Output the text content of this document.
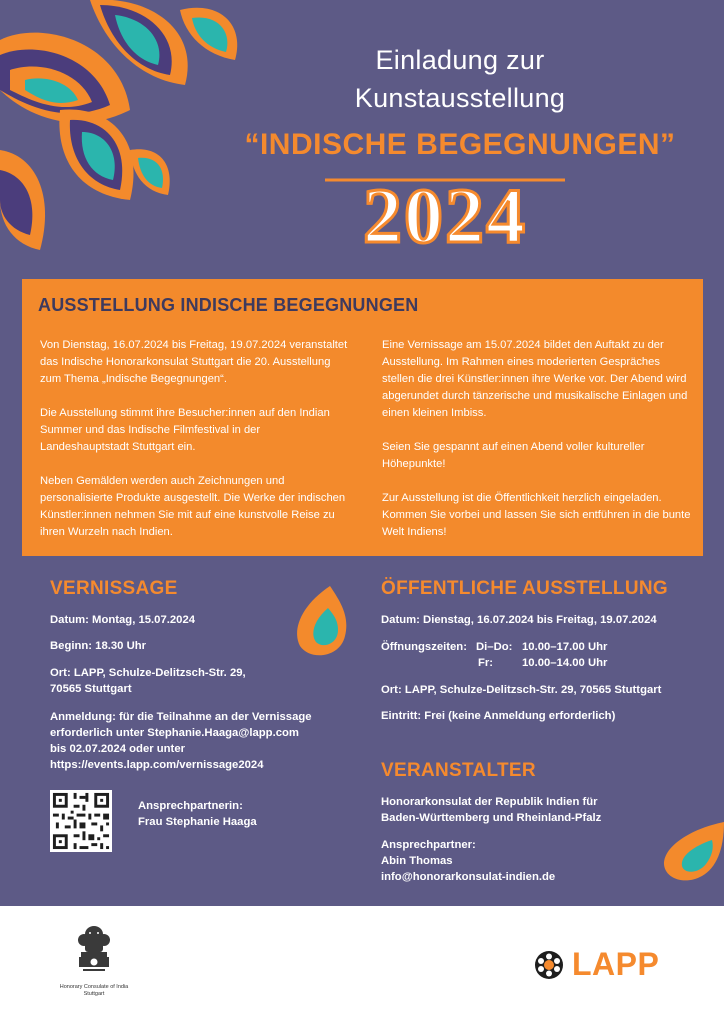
Einladung zur
Kunstausstellung
“INDISCHE BEGEGNUNGEN”
2024
AUSSTELLUNG INDISCHE BEGEGNUNGEN

Von Dienstag, 16.07.2024 bis Freitag, 19.07.2024 veranstaltet das Indische Honorarkonsulat Stuttgart die 20. Ausstellung zum Thema „Indische Begegnungen“.

Die Ausstellung stimmt ihre Besucher:innen auf den Indian Summer und das Indische Filmfestival in der Landeshauptstadt Stuttgart ein.

Neben Gemälden werden auch Zeichnungen und personalisierte Produkte ausgestellt. Die Werke der indischen Künstler:innen nehmen Sie mit auf eine kunstvolle Reise zu ihren Wurzeln nach Indien.

Eine Vernissage am 15.07.2024 bildet den Auftakt zu der Ausstellung. Im Rahmen eines moderierten Gespräches stellen die drei Künstler:innen ihre Werke vor. Der Abend wird abgerundet durch tänzerische und musikalische Einlagen und einen kleinen Imbiss.

Seien Sie gespannt auf einen Abend voller kultureller Höhepunkte!

Zur Ausstellung ist die Öffentlichkeit herzlich eingeladen. Kommen Sie vorbei und lassen Sie sich entführen in die bunte Welt Indiens!

VERNISSAGE
Datum: Montag, 15.07.2024
Beginn: 18.30 Uhr
Ort: LAPP, Schulze-Delitzsch-Str. 29,
70565 Stuttgart
Anmeldung: für die Teilnahme an der Vernissage
erforderlich unter Stephanie.Haaga@lapp.com
bis 02.07.2024 oder unter
https://events.lapp.com/vernissage2024
Ansprechpartnerin:
Frau Stephanie Haaga
ÖFFENTLICHE AUSSTELLUNG
Datum: Dienstag, 16.07.2024 bis Freitag, 19.07.2024
Öffnungszeiten: Di–Do: 10.00–17.00 Uhr
Fr:	10.00–14.00 Uhr
Ort: LAPP, Schulze-Delitzsch-Str. 29, 70565 Stuttgart
Eintritt: Frei (keine Anmeldung erforderlich)
VERANSTALTER
Honorarkonsulat der Republik Indien für
Baden-Württemberg und Rheinland-Pfalz
Ansprechpartner:
Abin Thomas
info@honorarkonsulat-indien.de
Honorary Consulate of India
Stuttgart
LAPP
